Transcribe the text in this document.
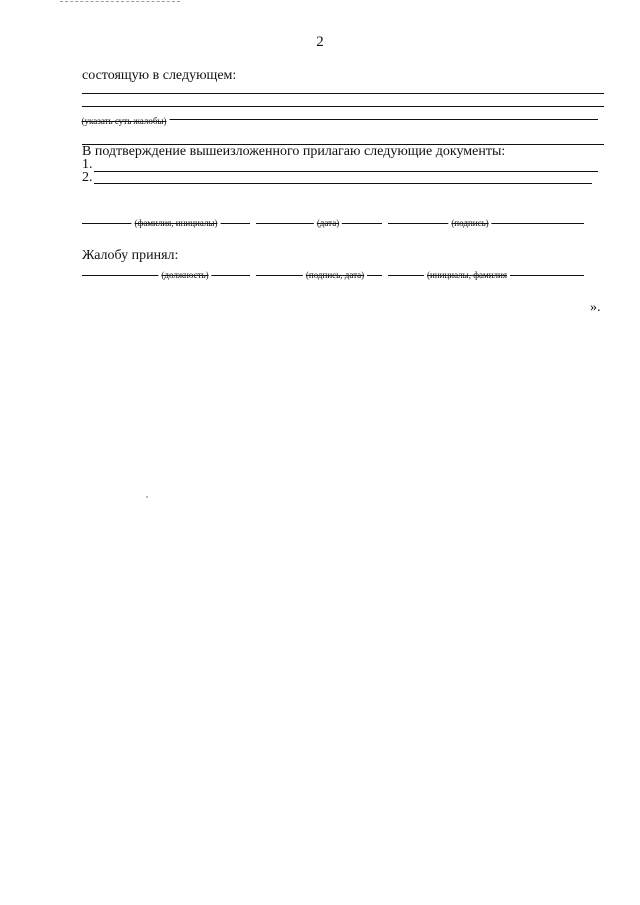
2
состоящую в следующем:
(указать суть жалобы)
В подтверждение вышеизложенного прилагаю следующие документы:
1.
2.
(фамилия, инициалы)	(дата)	(подпись)
Жалобу принял:
(должность)	(подпись, дата)	(инициалы, фамилия
».
